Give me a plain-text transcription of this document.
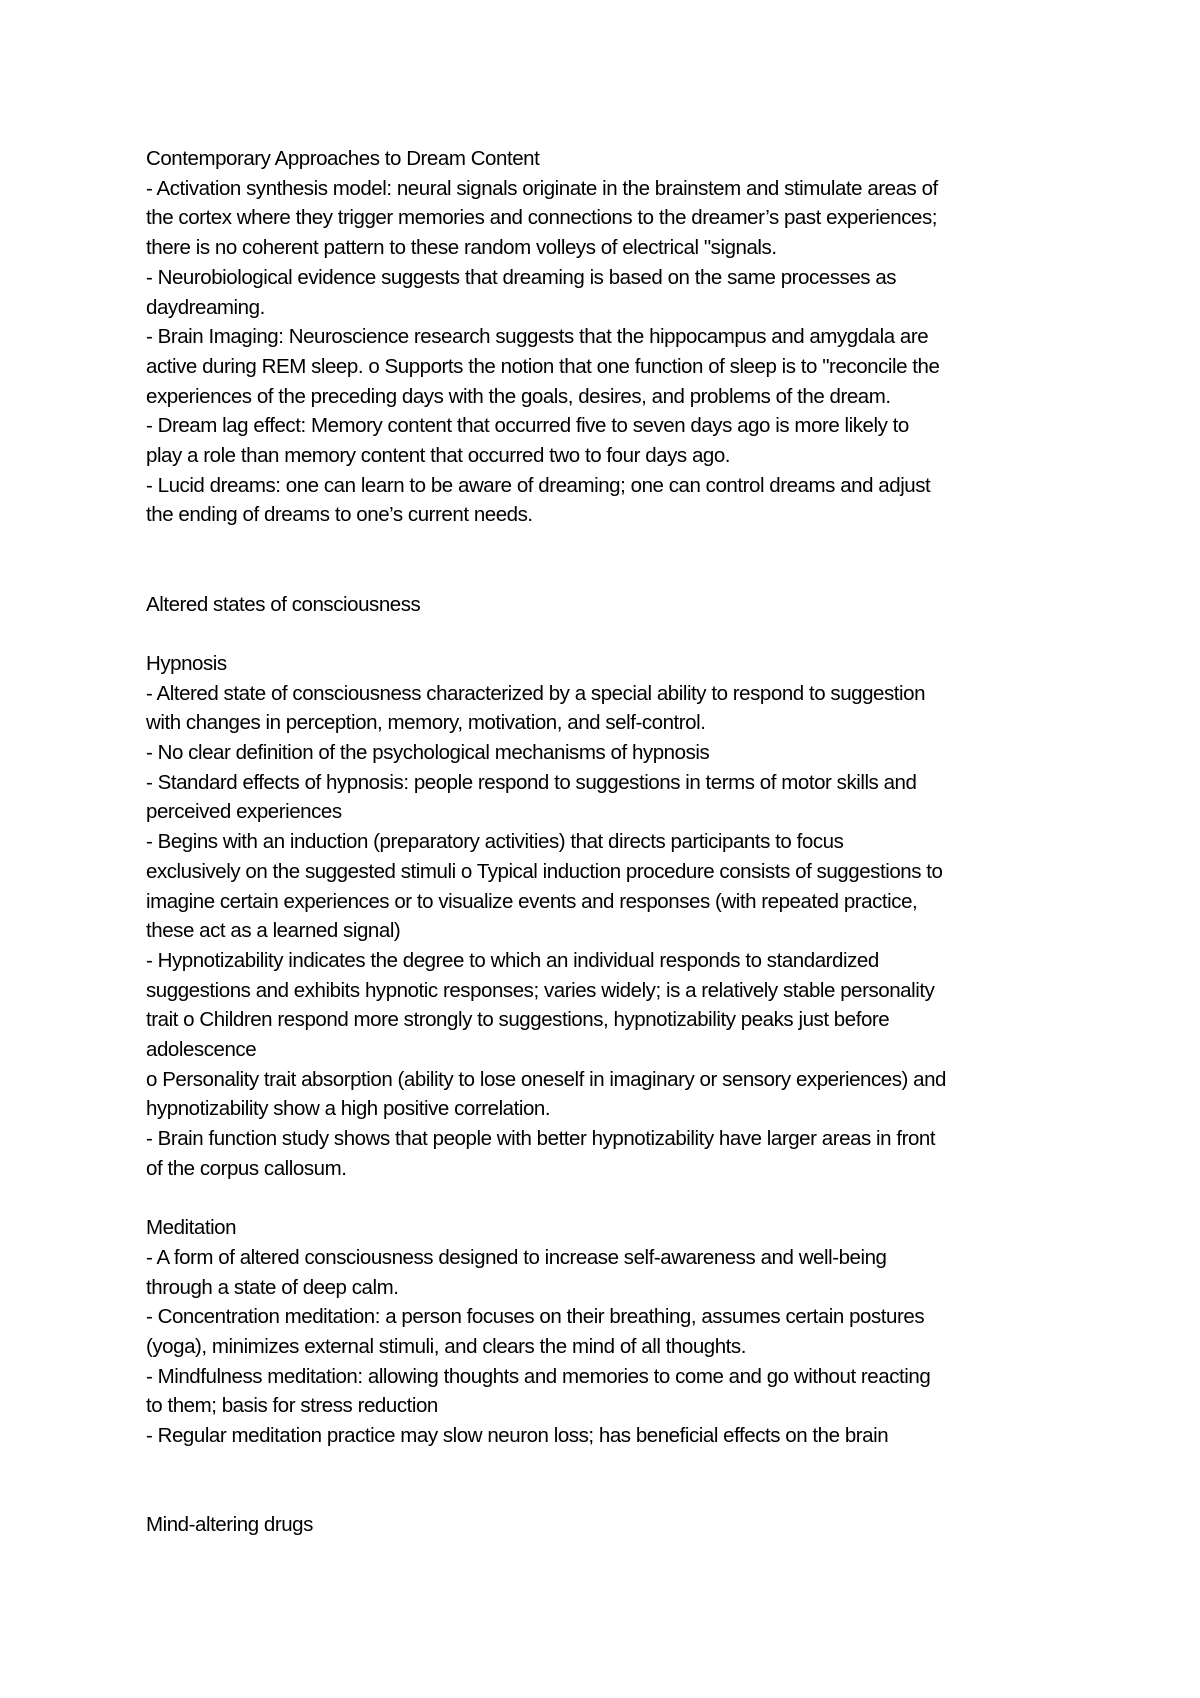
Contemporary Approaches to Dream Content
- Activation synthesis model: neural signals originate in the brainstem and stimulate areas of
the cortex where they trigger memories and connections to the dreamer’s past experiences;
there is no coherent pattern to these random volleys of electrical "signals.
- Neurobiological evidence suggests that dreaming is based on the same processes as
daydreaming.
- Brain Imaging: Neuroscience research suggests that the hippocampus and amygdala are
active during REM sleep. o Supports the notion that one function of sleep is to "reconcile the
experiences of the preceding days with the goals, desires, and problems of the dream.
- Dream lag effect: Memory content that occurred five to seven days ago is more likely to
play a role than memory content that occurred two to four days ago.
- Lucid dreams: one can learn to be aware of dreaming; one can control dreams and adjust
the ending of dreams to one’s current needs.
Altered states of consciousness
Hypnosis
- Altered state of consciousness characterized by a special ability to respond to suggestion
with changes in perception, memory, motivation, and self-control.
- No clear definition of the psychological mechanisms of hypnosis
- Standard effects of hypnosis: people respond to suggestions in terms of motor skills and
perceived experiences
- Begins with an induction (preparatory activities) that directs participants to focus
exclusively on the suggested stimuli o Typical induction procedure consists of suggestions to
imagine certain experiences or to visualize events and responses (with repeated practice,
these act as a learned signal)
- Hypnotizability indicates the degree to which an individual responds to standardized
suggestions and exhibits hypnotic responses; varies widely; is a relatively stable personality
trait o Children respond more strongly to suggestions, hypnotizability peaks just before
adolescence
o Personality trait absorption (ability to lose oneself in imaginary or sensory experiences) and
hypnotizability show a high positive correlation.
- Brain function study shows that people with better hypnotizability have larger areas in front
of the corpus callosum.
Meditation
- A form of altered consciousness designed to increase self-awareness and well-being
through a state of deep calm.
- Concentration meditation: a person focuses on their breathing, assumes certain postures
(yoga), minimizes external stimuli, and clears the mind of all thoughts.
- Mindfulness meditation: allowing thoughts and memories to come and go without reacting
to them; basis for stress reduction
- Regular meditation practice may slow neuron loss; has beneficial effects on the brain
Mind-altering drugs
